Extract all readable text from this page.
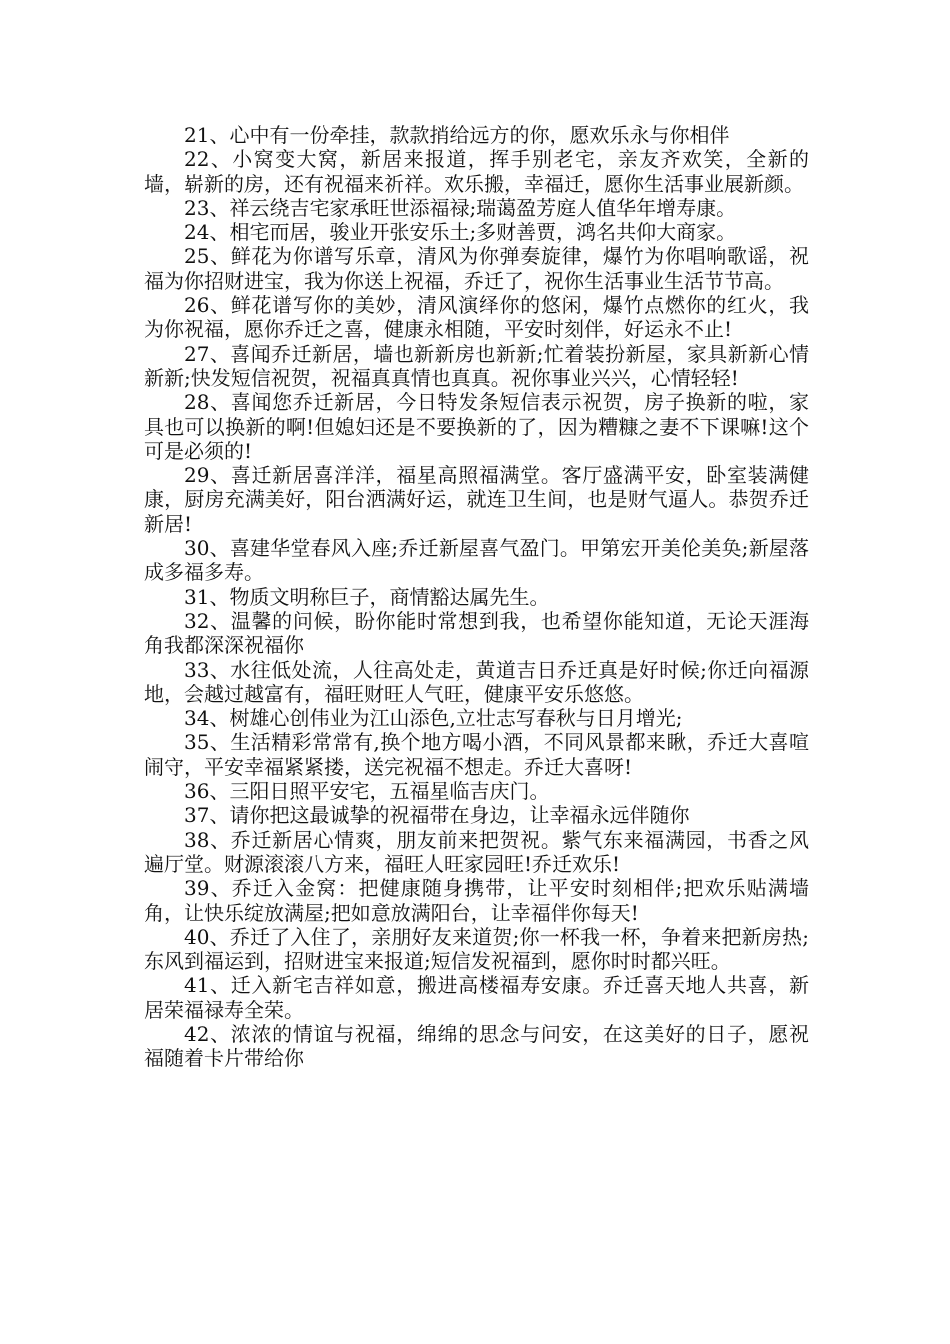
21、心中有一份牵挂，款款捎给远方的你，愿欢乐永与你相伴

22、小窝变大窝，新居来报道，挥手别老宅，亲友齐欢笑，全新的墙，崭新的房，还有祝福来祈祥。欢乐搬，幸福迁，愿你生活事业展新颜。

23、祥云绕吉宅家承旺世添福禄;瑞蔼盈芳庭人值华年增寿康。

24、相宅而居，骏业开张安乐土;多财善贾，鸿名共仰大商家。

25、鲜花为你谱写乐章，清风为你弹奏旋律，爆竹为你唱响歌谣，祝福为你招财进宝，我为你送上祝福，乔迁了，祝你生活事业生活节节高。

26、鲜花谱写你的美妙，清风演绎你的悠闲，爆竹点燃你的红火，我为你祝福，愿你乔迁之喜，健康永相随，平安时刻伴，好运永不止!

27、喜闻乔迁新居，墙也新新房也新新;忙着装扮新屋，家具新新心情新新;快发短信祝贺，祝福真真情也真真。祝你事业兴兴，心情轻轻!

28、喜闻您乔迁新居，今日特发条短信表示祝贺，房子换新的啦，家具也可以换新的啊!但媳妇还是不要换新的了，因为糟糠之妻不下课嘛!这个可是必须的!

29、喜迁新居喜洋洋，福星高照福满堂。客厅盛满平安，卧室装满健康，厨房充满美好，阳台洒满好运，就连卫生间，也是财气逼人。恭贺乔迁新居!

30、喜建华堂春风入座;乔迁新屋喜气盈门。甲第宏开美伦美奂;新屋落成多福多寿。

31、物质文明称巨子，商情豁达属先生。

32、温馨的问候，盼你能时常想到我，也希望你能知道，无论天涯海角我都深深祝福你

33、水往低处流，人往高处走，黄道吉日乔迁真是好时候;你迁向福源地，会越过越富有，福旺财旺人气旺，健康平安乐悠悠。

34、树雄心创伟业为江山添色,立壮志写春秋与日月增光;

35、生活精彩常常有,换个地方喝小酒，不同风景都来瞅，乔迁大喜喧闹守，平安幸福紧紧搂，送完祝福不想走。乔迁大喜呀!

36、三阳日照平安宅，五福星临吉庆门。

37、请你把这最诚挚的祝福带在身边，让幸福永远伴随你

38、乔迁新居心情爽，朋友前来把贺祝。紫气东来福满园，书香之风遍厅堂。财源滚滚八方来，福旺人旺家园旺!乔迁欢乐!

39、乔迁入金窝：把健康随身携带，让平安时刻相伴;把欢乐贴满墙角，让快乐绽放满屋;把如意放满阳台，让幸福伴你每天!

40、乔迁了入住了，亲朋好友来道贺;你一杯我一杯，争着来把新房热;东风到福运到，招财进宝来报道;短信发祝福到，愿你时时都兴旺。

41、迁入新宅吉祥如意，搬进高楼福寿安康。乔迁喜天地人共喜，新居荣福禄寿全荣。

42、浓浓的情谊与祝福，绵绵的思念与问安，在这美好的日子，愿祝福随着卡片带给你
